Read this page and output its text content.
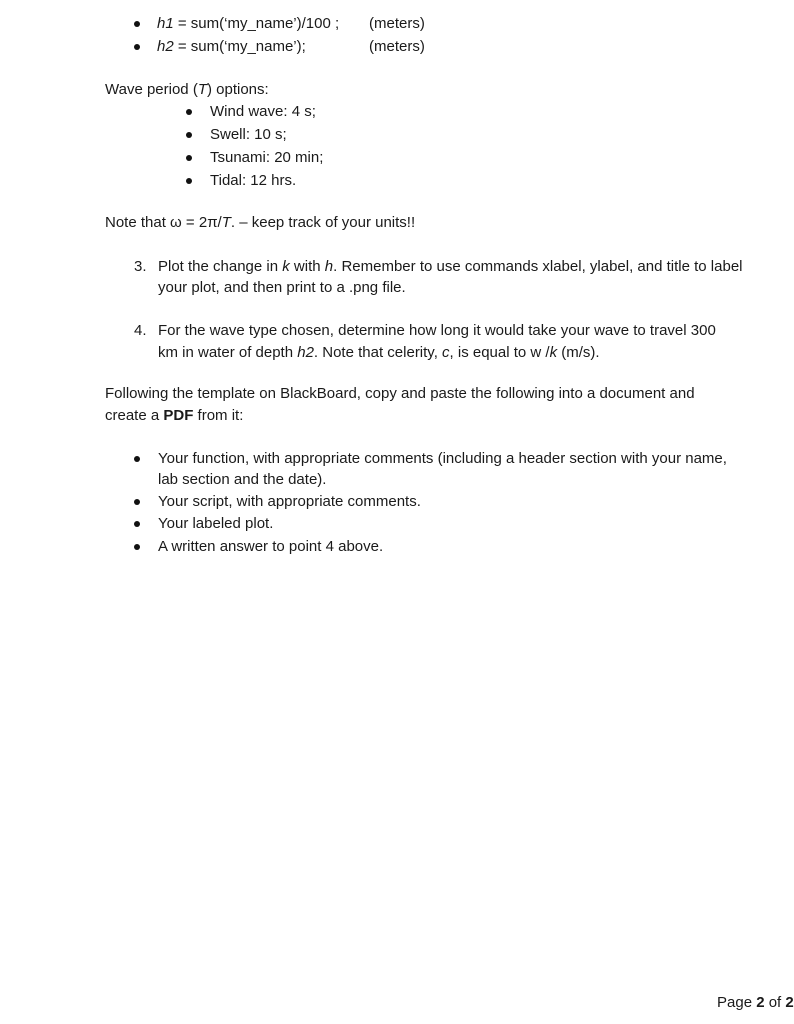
h1 = sum(‘my_name’)/100 ; (meters)
h2 = sum(‘my_name’);	(meters)
Wave period (T) options:
Wind wave: 4 s;
Swell: 10 s;
Tsunami: 20 min;
Tidal: 12 hrs.
Note that ω = 2π/T. – keep track of your units!!
3. Plot the change in k with h. Remember to use commands xlabel, ylabel, and title to label
your plot, and then print to a .png file.
4. For the wave type chosen, determine how long it would take your wave to travel 300
km in water of depth h2. Note that celerity, c, is equal to w /k (m/s).
Following the template on BlackBoard, copy and paste the following into a document and
create a PDF from it:
Your function, with appropriate comments (including a header section with your name,
lab section and the date).
Your script, with appropriate comments.
Your labeled plot.
A written answer to point 4 above.
Page 2 of 2
